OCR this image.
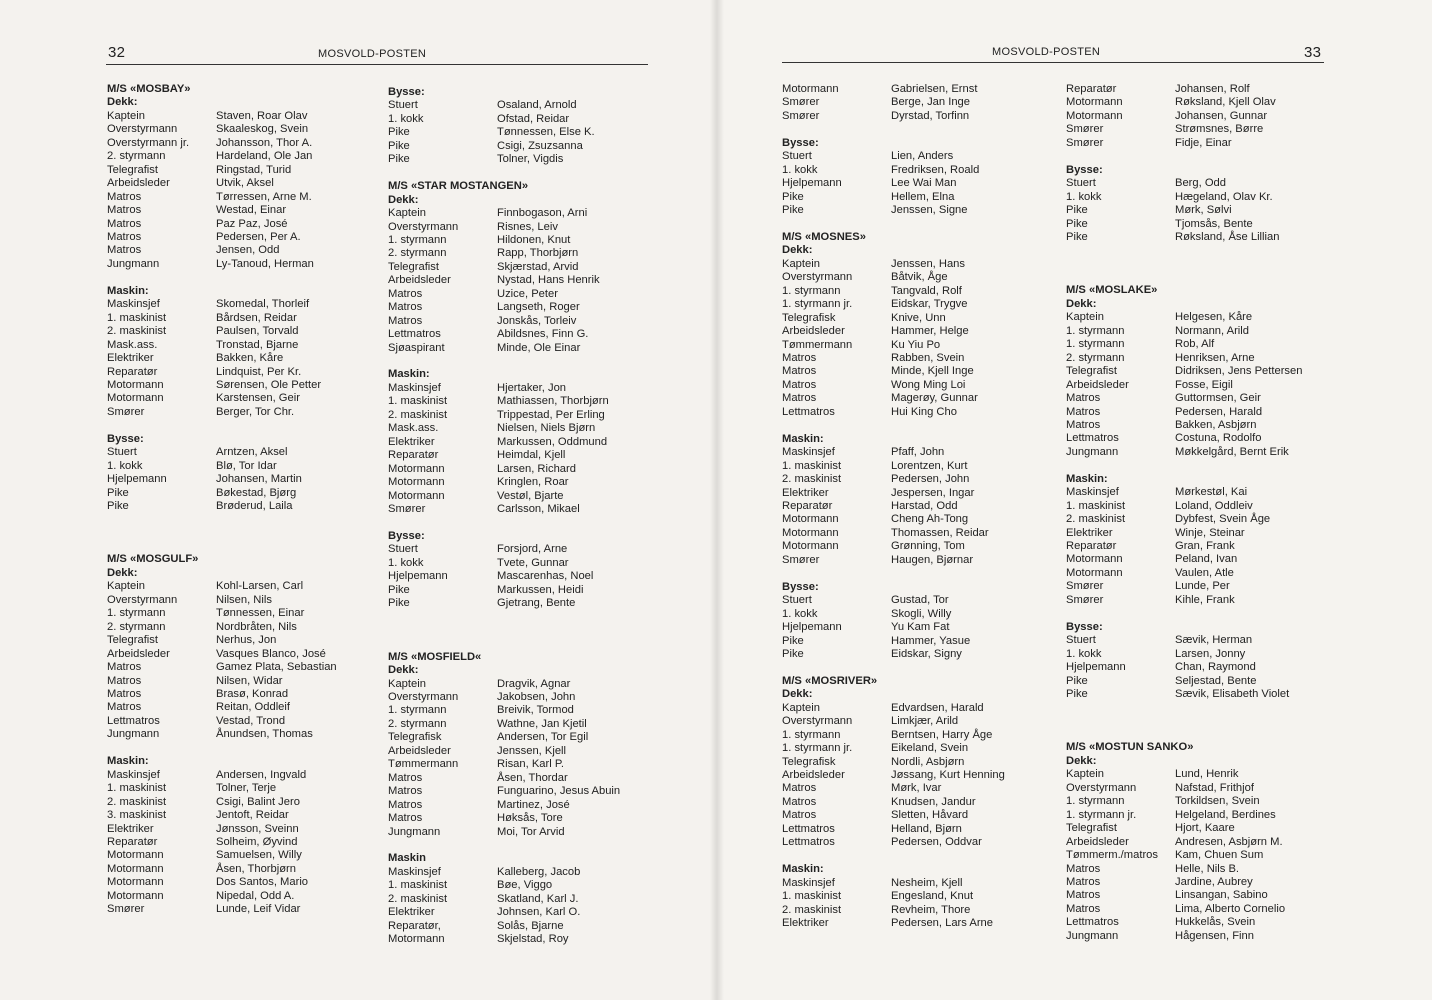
32	MOSVOLD-POSTEN
M/S «MOSBAY»
Dekk:
Kaptein	Staven, Roar Olav
Overstyrmann	Skaaleskog, Svein
Overstyrmann jr.	Johansson, Thor A.
2. styrmann	Hardeland, Ole Jan
Telegrafist	Ringstad, Turid
Arbeidsleder	Utvik, Aksel
Matros	Tørressen, Arne M.
Matros	Westad, Einar
Matros	Paz Paz, José
Matros	Pedersen, Per A.
Matros	Jensen, Odd
Jungmann	Ly-Tanoud, Herman
Maskin:
Maskinsjef	Skomedal, Thorleif
1. maskinist	Bårdsen, Reidar
2. maskinist	Paulsen, Torvald
Mask.ass.	Tronstad, Bjarne
Elektriker	Bakken, Kåre
Reparatør	Lindquist, Per Kr.
Motormann	Sørensen, Ole Petter
Motormann	Karstensen, Geir
Smører	Berger, Tor Chr.
Bysse:
Stuert	Arntzen, Aksel
1. kokk	Blø, Tor Idar
Hjelpemann	Johansen, Martin
Pike	Bøkestad, Bjørg
Pike	Brøderud, Laila
M/S «MOSGULF»
Dekk:
Kaptein	Kohl-Larsen, Carl
Overstyrmann	Nilsen, Nils
1. styrmann	Tønnessen, Einar
2. styrmann	Nordbråten, Nils
Telegrafist	Nerhus, Jon
Arbeidsleder	Vasques Blanco, José
Matros	Gamez Plata, Sebastian
Matros	Nilsen, Widar
Matros	Brasø, Konrad
Matros	Reitan, Oddleif
Lettmatros	Vestad, Trond
Jungmann	Ånundsen, Thomas
Maskin:
Maskinsjef	Andersen, Ingvald
1. maskinist	Tolner, Terje
2. maskinist	Csigi, Balint Jero
3. maskinist	Jentoft, Reidar
Elektriker	Jønsson, Sveinn
Reparatør	Solheim, Øyvind
Motormann	Samuelsen, Willy
Motormann	Åsen, Thorbjørn
Motormann	Dos Santos, Mario
Motormann	Nipedal, Odd A.
Smører	Lunde, Leif Vidar
Bysse:
Stuert	Osaland, Arnold
1. kokk	Ofstad, Reidar
Pike	Tønnessen, Else K.
Pike	Csigi, Zsuzsanna
Pike	Tolner, Vigdis
M/S «STAR MOSTANGEN»
Dekk:
Kaptein	Finnbogason, Arni
Overstyrmann	Risnes, Leiv
1. styrmann	Hildonen, Knut
2. styrmann	Rapp, Thorbjørn
Telegrafist	Skjærstad, Arvid
Arbeidsleder	Nystad, Hans Henrik
Matros	Uzice, Peter
Matros	Langseth, Roger
Matros	Jonskås, Torleiv
Lettmatros	Abildsnes, Finn G.
Sjøaspirant	Minde, Ole Einar
Maskin:
Maskinsjef	Hjertaker, Jon
1. maskinist	Mathiassen, Thorbjørn
2. maskinist	Trippestad, Per Erling
Mask.ass.	Nielsen, Niels Bjørn
Elektriker	Markussen, Oddmund
Reparatør	Heimdal, Kjell
Motormann	Larsen, Richard
Motormann	Kringlen, Roar
Motormann	Vestøl, Bjarte
Smører	Carlsson, Mikael
Bysse:
Stuert	Forsjord, Arne
1. kokk	Tvete, Gunnar
Hjelpemann	Mascarenhas, Noel
Pike	Markussen, Heidi
Pike	Gjetrang, Bente
M/S «MOSFIELD«
Dekk:
Kaptein	Dragvik, Agnar
Overstyrmann	Jakobsen, John
1. styrmann	Breivik, Tormod
2. styrmann	Wathne, Jan Kjetil
Telegrafisk	Andersen, Tor Egil
Arbeidsleder	Jenssen, Kjell
Tømmermann	Risan, Karl P.
Matros	Åsen, Thordar
Matros	Funguarino, Jesus Abuin
Matros	Martinez, José
Matros	Høksås, Tore
Jungmann	Moi, Tor Arvid
Maskin
Maskinsjef	Kalleberg, Jacob
1. maskinist	Bøe, Viggo
2. maskinist	Skatland, Karl J.
Elektriker	Johnsen, Karl O.
Reparatør,	Solås, Bjarne
Motormann	Skjelstad, Roy
MOSVOLD-POSTEN	33
Motormann	Gabrielsen, Ernst
Smører	Berge, Jan Inge
Smører	Dyrstad, Torfinn
Bysse:
Stuert	Lien, Anders
1. kokk	Fredriksen, Roald
Hjelpemann	Lee Wai Man
Pike	Hellem, Elna
Pike	Jenssen, Signe
M/S «MOSNES»
Dekk:
Kaptein	Jenssen, Hans
Overstyrmann	Båtvik, Åge
1. styrmann	Tangvald, Rolf
1. styrmann jr.	Eidskar, Trygve
Telegrafisk	Knive, Unn
Arbeidsleder	Hammer, Helge
Tømmermann	Ku Yiu Po
Matros	Rabben, Svein
Matros	Minde, Kjell Inge
Matros	Wong Ming Loi
Matros	Magerøy, Gunnar
Lettmatros	Hui King Cho
Maskin:
Maskinsjef	Pfaff, John
1. maskinist	Lorentzen, Kurt
2. maskinist	Pedersen, John
Elektriker	Jespersen, Ingar
Reparatør	Harstad, Odd
Motormann	Cheng Ah-Tong
Motormann	Thomassen, Reidar
Motormann	Grønning, Tom
Smører	Haugen, Bjørnar
Bysse:
Stuert	Gustad, Tor
1. kokk	Skogli, Willy
Hjelpemann	Yu Kam Fat
Pike	Hammer, Yasue
Pike	Eidskar, Signy
M/S «MOSRIVER»
Dekk:
Kaptein	Edvardsen, Harald
Overstyrmann	Limkjær, Arild
1. styrmann	Berntsen, Harry Åge
1. styrmann jr.	Eikeland, Svein
Telegrafisk	Nordli, Asbjørn
Arbeidsleder	Jøssang, Kurt Henning
Matros	Mørk, Ivar
Matros	Knudsen, Jandur
Matros	Sletten, Håvard
Lettmatros	Helland, Bjørn
Lettmatros	Pedersen, Oddvar
Maskin:
Maskinsjef	Nesheim, Kjell
1. maskinist	Engesland, Knut
2. maskinist	Revheim, Thore
Elektriker	Pedersen, Lars Arne
Reparatør	Johansen, Rolf
Motormann	Røksland, Kjell Olav
Motormann	Johansen, Gunnar
Smører	Strømsnes, Børre
Smører	Fidje, Einar
Bysse:
Stuert	Berg, Odd
1. kokk	Hægeland, Olav Kr.
Pike	Mørk, Sølvi
Pike	Tjomsås, Bente
Pike	Røksland, Åse Lillian
M/S «MOSLAKE»
Dekk:
Kaptein	Helgesen, Kåre
1. styrmann	Normann, Arild
1. styrmann	Rob, Alf
2. styrmann	Henriksen, Arne
Telegrafist	Didriksen, Jens Pettersen
Arbeidsleder	Fosse, Eigil
Matros	Guttormsen, Geir
Matros	Pedersen, Harald
Matros	Bakken, Asbjørn
Lettmatros	Costuna, Rodolfo
Jungmann	Møkkelgård, Bernt Erik
Maskin:
Maskinsjef	Mørkestøl, Kai
1. maskinist	Loland, Oddleiv
2. maskinist	Dybfest, Svein Åge
Elektriker	Winje, Steinar
Reparatør	Gran, Frank
Motormann	Peland, Ivan
Motormann	Vaulen, Atle
Smører	Lunde, Per
Smører	Kihle, Frank
Bysse:
Stuert	Sævik, Herman
1. kokk	Larsen, Jonny
Hjelpemann	Chan, Raymond
Pike	Seljestad, Bente
Pike	Sævik, Elisabeth Violet
M/S «MOSTUN SANKO»
Dekk:
Kaptein	Lund, Henrik
Overstyrmann	Nafstad, Frithjof
1. styrmann	Torkildsen, Svein
1. styrmann jr.	Helgeland, Berdines
Telegrafist	Hjort, Kaare
Arbeidsleder	Andresen, Asbjørn M.
Tømmerm./matros	Kam, Chuen Sum
Matros	Helle, Nils B.
Matros	Jardine, Aubrey
Matros	Linsangan, Sabino
Matros	Lima, Alberto Cornelio
Lettmatros	Hukkelås, Svein
Jungmann	Hågensen, Finn
